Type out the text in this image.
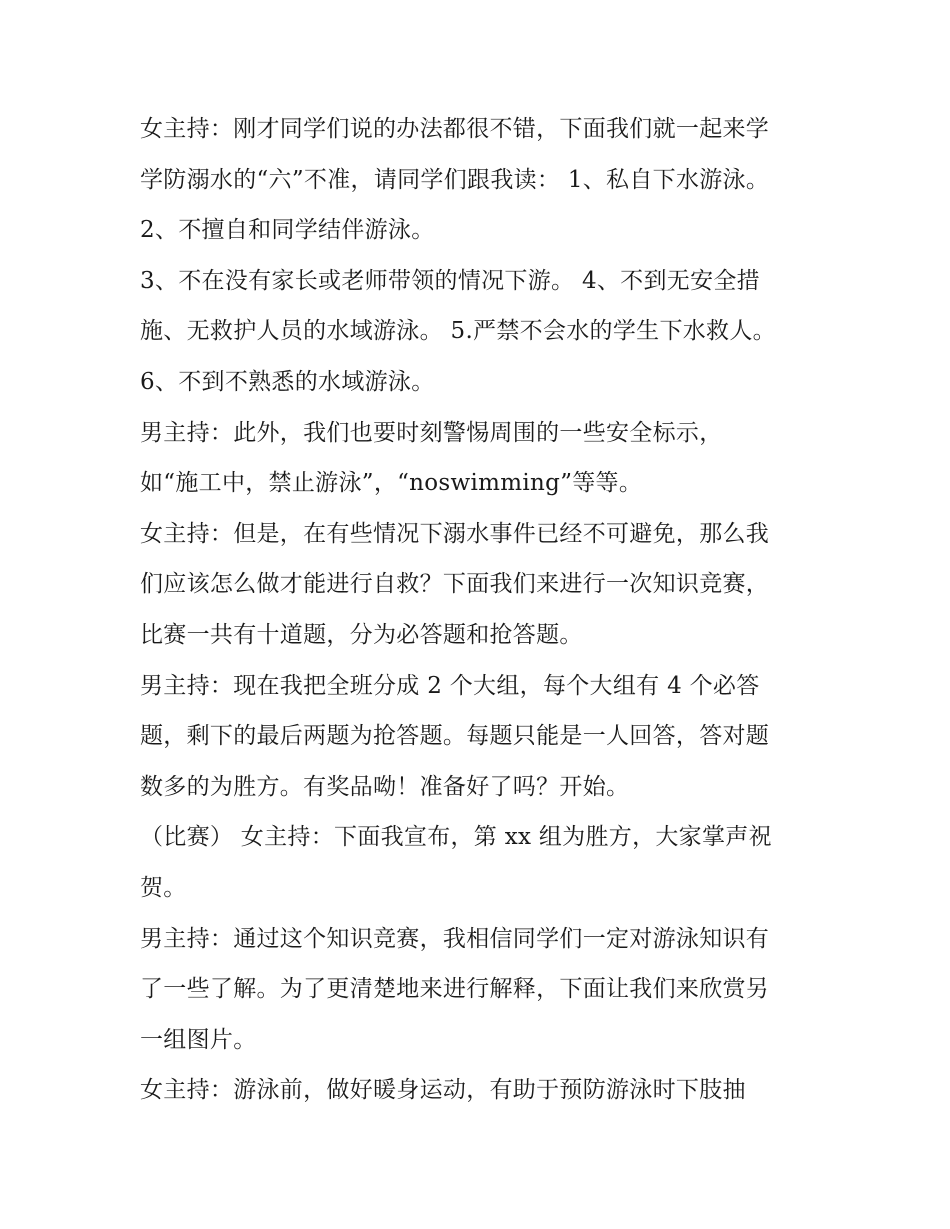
女主持：刚才同学们说的办法都很不错，下面我们就一起来学
学防溺水的“六”不准，请同学们跟我读： 1、私自下水游泳。
2、不擅自和同学结伴游泳。
3、不在没有家长或老师带领的情况下游。 4、不到无安全措
施、无救护人员的水域游泳。 5.严禁不会水的学生下水救人。
6、不到不熟悉的水域游泳。
男主持：此外，我们也要时刻警惕周围的一些安全标示，
如“施工中，禁止游泳”，“noswimming”等等。
女主持：但是，在有些情况下溺水事件已经不可避免，那么我
们应该怎么做才能进行自救？下面我们来进行一次知识竞赛，
比赛一共有十道题，分为必答题和抢答题。
男主持：现在我把全班分成 2 个大组，每个大组有 4 个必答
题，剩下的最后两题为抢答题。每题只能是一人回答，答对题
数多的为胜方。有奖品呦！准备好了吗？开始。
（比赛） 女主持：下面我宣布，第 xx 组为胜方，大家掌声祝
贺。
男主持：通过这个知识竞赛，我相信同学们一定对游泳知识有
了一些了解。为了更清楚地来进行解释，下面让我们来欣赏另
一组图片。
女主持：游泳前，做好暖身运动，有助于预防游泳时下肢抽
